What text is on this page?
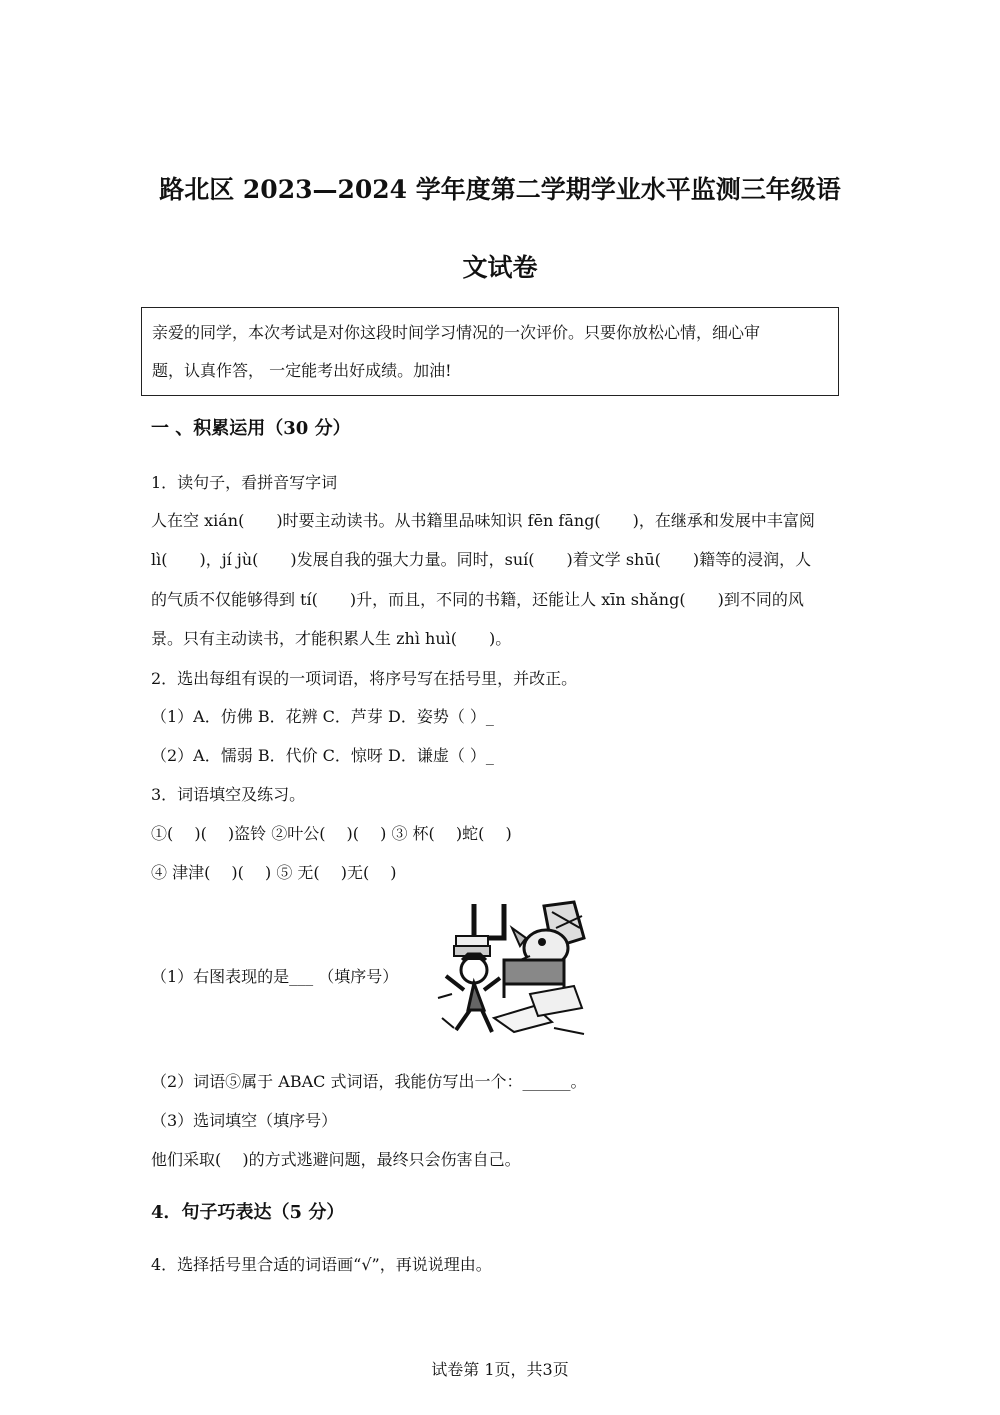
路北区 2023—2024 学年度第二学期学业水平监测三年级语
文试卷
亲爱的同学，本次考试是对你这段时间学习情况的一次评价。只要你放松心情，细心审
题，认真作答， 一定能考出好成绩。加油!
一 、积累运用（30 分）
1．读句子，看拼音写字词
人在空 xián(　　)时要主动读书。从书籍里品味知识 fēn fāng(　　)，在继承和发展中丰富阅
lì(　　)，jí jù(　　)发展自我的强大力量。同时，suí(　　)着文学 shū(　　)籍等的浸润，人
的气质不仅能够得到 tí(　　)升，而且，不同的书籍，还能让人 xīn shǎng(　　)到不同的风
景。只有主动读书，才能积累人生 zhì huì(　　)。
2．选出每组有误的一项词语，将序号写在括号里，并改正。
（1）A．仿佛 B．花辨 C．芦芽 D．姿势（ ）_
（2）A．懦弱 B．代价 C．惊呀 D．谦虚（ ）_
3．词语填空及练习。
①(　 )(　 )盗铃 ②叶公(　 )(　 ) ③ 杯(　 )蛇(　 )
④ 津津(　 )(　 ) ⑤ 无(　 )无(　 )
（1）右图表现的是___ （填序号）
（2）词语⑤属于 ABAC 式词语，我能仿写出一个：______。
（3）选词填空（填序号）
他们采取(　 )的方式逃避问题，最终只会伤害自己。
4．句子巧表达（5 分）
4．选择括号里合适的词语画“√”，再说说理由。
试卷第 1页，共3页
